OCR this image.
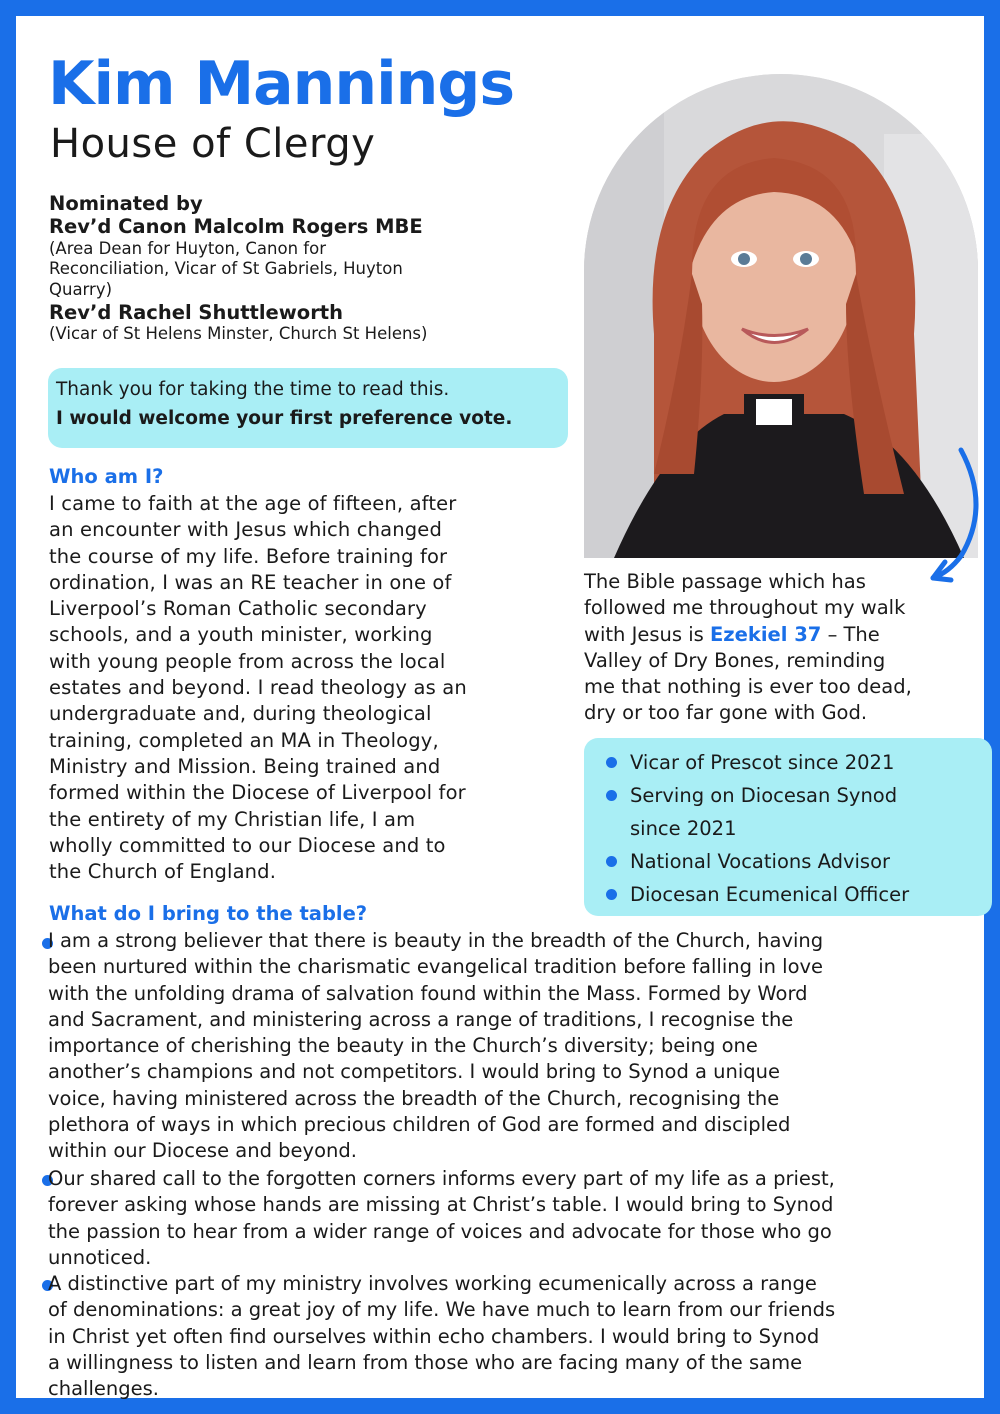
Kim Mannings
House of Clergy
Nominated by
Rev’d Canon Malcolm Rogers MBE
(Area Dean for Huyton, Canon for
Reconciliation, Vicar of St Gabriels, Huyton
Quarry)
Rev’d Rachel Shuttleworth
(Vicar of St Helens Minster, Church St Helens)
Thank you for taking the time to read this.
I would welcome your first preference vote.
Who am I?
I came to faith at the age of fifteen, after
an encounter with Jesus which changed
the course of my life. Before training for
ordination, I was an RE teacher in one of
Liverpool’s Roman Catholic secondary
schools, and a youth minister, working
with young people from across the local
estates and beyond. I read theology as an
undergraduate and, during theological
training, completed an MA in Theology,
Ministry and Mission. Being trained and
formed within the Diocese of Liverpool for
the entirety of my Christian life, I am
wholly committed to our Diocese and to
the Church of England.
The Bible passage which has
followed me throughout my walk
with Jesus is Ezekiel 37 – The
Valley of Dry Bones, reminding
me that nothing is ever too dead,
dry or too far gone with God.
Vicar of Prescot since 2021
Serving on Diocesan Synod
since 2021
National Vocations Advisor
Diocesan Ecumenical Officer
What do I bring to the table?
I am a strong believer that there is beauty in the breadth of the Church, having
been nurtured within the charismatic evangelical tradition before falling in love
with the unfolding drama of salvation found within the Mass. Formed by Word
and Sacrament, and ministering across a range of traditions, I recognise the
importance of cherishing the beauty in the Church’s diversity; being one
another’s champions and not competitors. I would bring to Synod a unique
voice, having ministered across the breadth of the Church, recognising the
plethora of ways in which precious children of God are formed and discipled
within our Diocese and beyond.
Our shared call to the forgotten corners informs every part of my life as a priest,
forever asking whose hands are missing at Christ’s table. I would bring to Synod
the passion to hear from a wider range of voices and advocate for those who go
unnoticed.
A distinctive part of my ministry involves working ecumenically across a range
of denominations: a great joy of my life. We have much to learn from our friends
in Christ yet often find ourselves within echo chambers. I would bring to Synod
a willingness to listen and learn from those who are facing many of the same
challenges.
